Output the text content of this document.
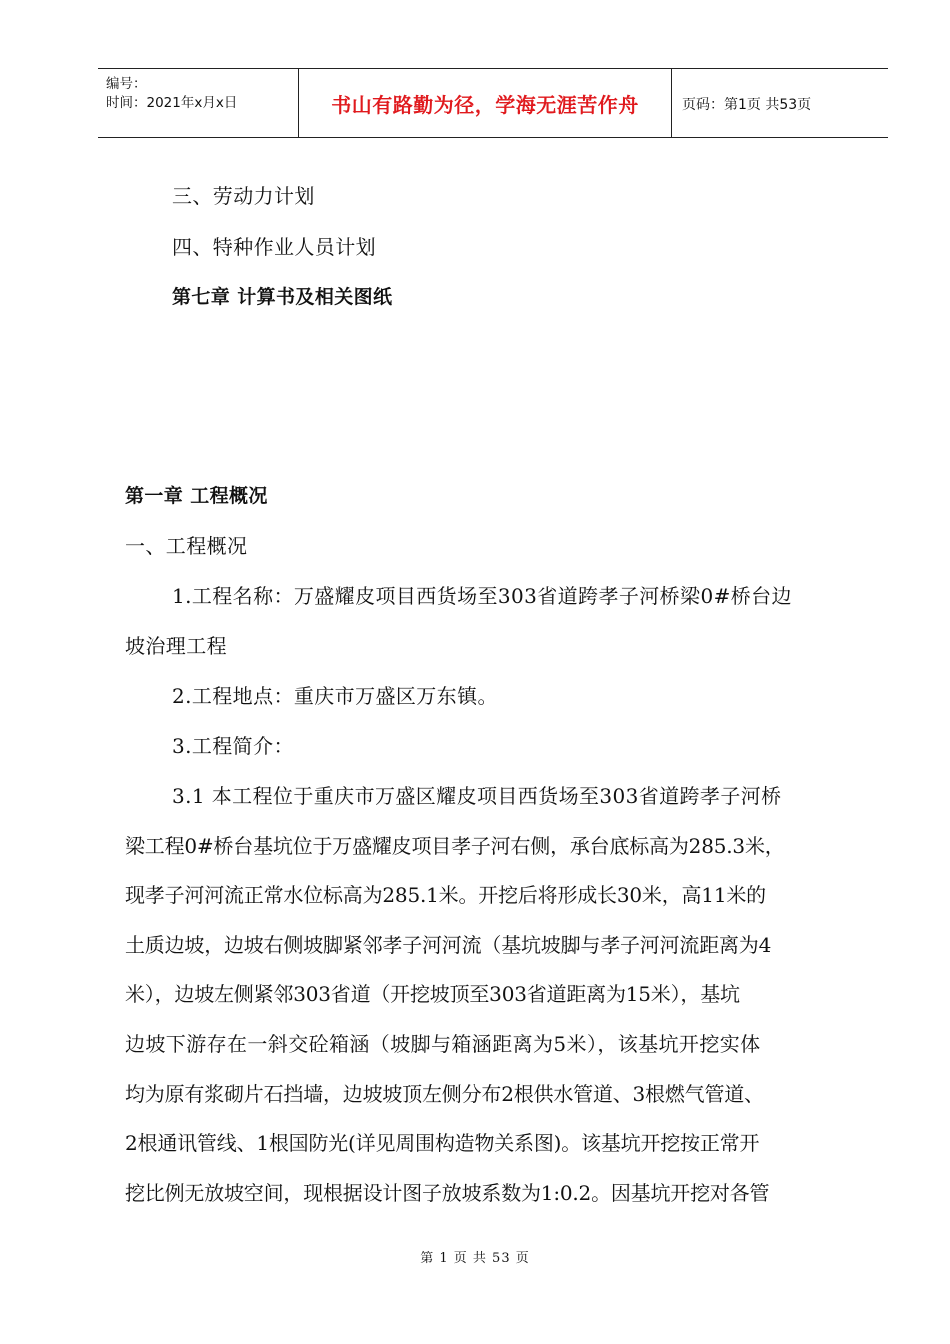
编号：
时间：2021年x月x日	书山有路勤为径，学海无涯苦作舟	页码：第1页 共53页
三、劳动力计划
四、特种作业人员计划
第七章 计算书及相关图纸
第一章 工程概况
一、工程概况
1.工程名称：万盛耀皮项目西货场至303省道跨孝子河桥梁0#桥台边
坡治理工程
2.工程地点：重庆市万盛区万东镇。
3.工程简介：
3.1 本工程位于重庆市万盛区耀皮项目西货场至303省道跨孝子河桥
梁工程0#桥台基坑位于万盛耀皮项目孝子河右侧，承台底标高为285.3米，
现孝子河河流正常水位标高为285.1米。开挖后将形成长30米，高11米的
土质边坡，边坡右侧坡脚紧邻孝子河河流（基坑坡脚与孝子河河流距离为4
米），边坡左侧紧邻303省道（开挖坡顶至303省道距离为15米），基坑
边坡下游存在一斜交砼箱涵（坡脚与箱涵距离为5米），该基坑开挖实体
均为原有浆砌片石挡墙，边坡坡顶左侧分布2根供水管道、3根燃气管道、
2根通讯管线、1根国防光(详见周围构造物关系图)。该基坑开挖按正常开
挖比例无放坡空间，现根据设计图子放坡系数为1:0.2。因基坑开挖对各管
第 1 页 共 53 页
